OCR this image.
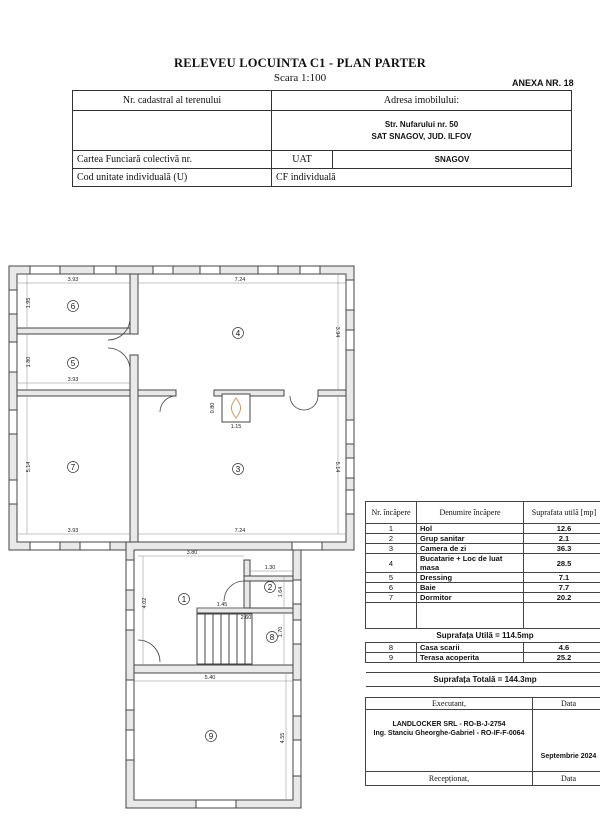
RELEVEU LOCUINTA C1 - PLAN PARTER
Scara 1:100	ANEXA NR. 18
Nr. cadastral al terenului	Adresa imobilului:

	Str. Nufarului nr. 50
SAT SNAGOV, JUD. ILFOV
Cartea Funciară colectivă nr.	UAT	SNAGOV
Cod unitate individuală (U)	CF individuală	
6
5
4
7	3
1
2
8
9
3.93	7.24
1.95
3.94
1.80
3.93
0.80
1.15
5.14
5.14
3.93	7.24
3.80
1.30
1.64
4.02	1.45
2.60
1.70
5.40
4.55
Nr. încăpere	Denumire încăpere	Suprafata utilă [mp]
1	Hol	12.6
2	Grup sanitar	2.1
3	Camera de zi	36.3
4	Bucatarie + Loc de luat masa	28.5
5	Dressing	7.1
6	Baie	7.7
7	Dormitor	20.2

Suprafața Utilă = 114.5mp		
8	Casa scarii	4.6
9	Terasa acoperita	25.2

Suprafața Totală = 144.3mp		
Executant,	Data

LANDLOCKER SRL - RO-B-J-2754
Ing. Stanciu Gheorghe-Gabriel - RO-IF-F-0064	Septembrie 2024
Recepționat,	Data
